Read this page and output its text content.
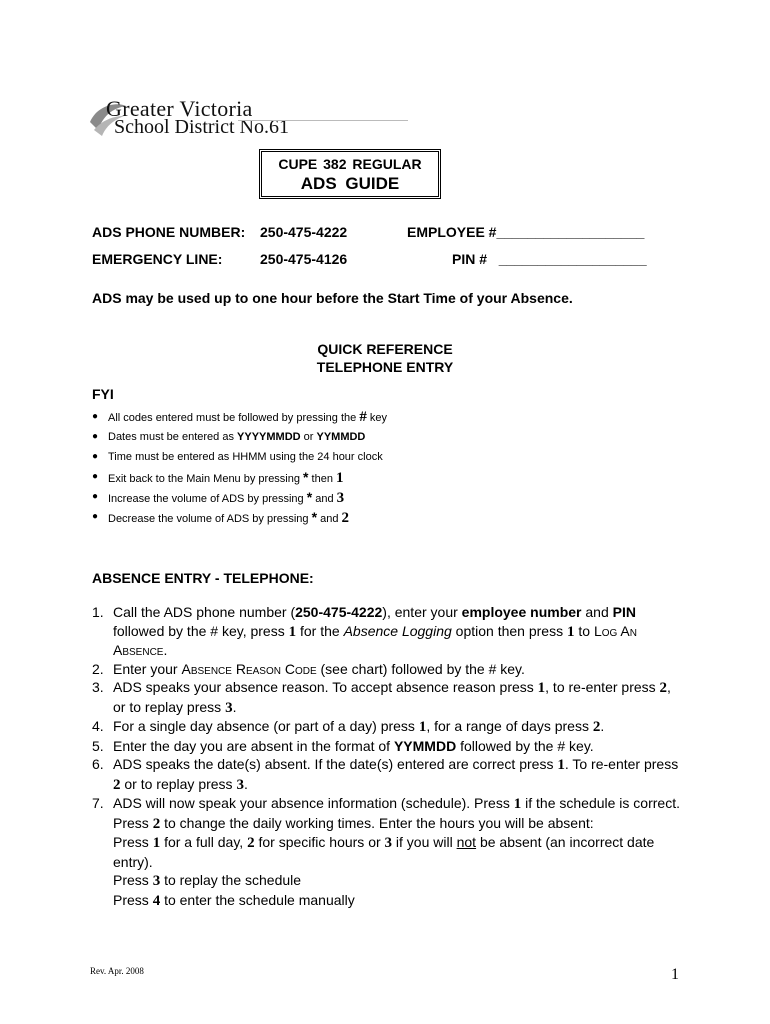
Greater Victoria
School District No.61
CUPE 382 REGULAR
ADS GUIDE
ADS PHONE NUMBER: 250-475-4222	EMPLOYEE #___________________
EMERGENCY LINE:	250-475-4126	PIN # ___________________
ADS may be used up to one hour before the Start Time of your Absence.
QUICK REFERENCE
TELEPHONE ENTRY
FYI
● All codes entered must be followed by pressing the # key
● Dates must be entered as YYYYMMDD or YYMMDD
● Time must be entered as HHMM using the 24 hour clock
● Exit back to the Main Menu by pressing * then 1
● Increase the volume of ADS by pressing * and 3
● Decrease the volume of ADS by pressing * and 2
ABSENCE ENTRY - TELEPHONE:
1. Call the ADS phone number (250-475-4222), enter your employee number and PIN followed by the # key, press 1 for the Absence Logging option then press 1 to Log An Absence.
2. Enter your Absence Reason Code (see chart) followed by the # key.
3. ADS speaks your absence reason. To accept absence reason press 1, to re-enter press 2, or to replay press 3.
4. For a single day absence (or part of a day) press 1, for a range of days press 2.
5. Enter the day you are absent in the format of YYMMDD followed by the # key.
6. ADS speaks the date(s) absent. If the date(s) entered are correct press 1. To re-enter press 2 or to replay press 3.
7. ADS will now speak your absence information (schedule). Press 1 if the schedule is correct.
Press 2 to change the daily working times. Enter the hours you will be absent:
Press 1 for a full day, 2 for specific hours or 3 if you will not be absent (an incorrect date entry).
Press 3 to replay the schedule
Press 4 to enter the schedule manually
Rev. Apr. 2008	1
